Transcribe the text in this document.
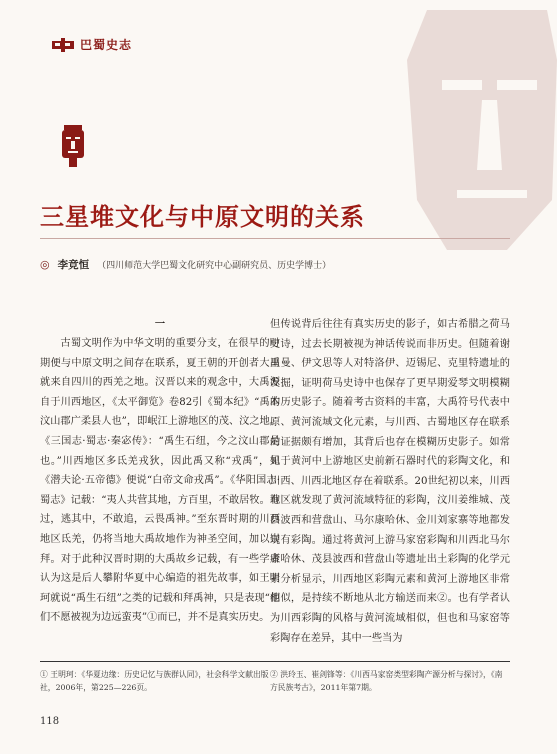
巴蜀史志
三星堆文化与中原文明的关系
◎ 李竞恒 （四川师范大学巴蜀文化研究中心副研究员、历史学博士）
一

古蜀文明作为中华文明的重要分支，在很早的时期便与中原文明之间存在联系，夏王朝的开创者大禹就来自四川的西羌之地。汉晋以来的观念中，大禹源自于川西地区，《太平御览》卷82引《蜀本纪》“禹本汶山郡广柔县人也”，即岷江上游地区的茂、汶之地。《三国志·蜀志·秦宓传》：“禹生石纽，今之汶山郡是也。”川西地区多氐羌戎狄，因此禹又称“戎禹”，如《潜夫论·五帝德》便说“白帝文命戎禹”。《华阳国志·蜀志》记载：“夷人共营其地，方百里，不敢居牧。有过，逃其中，不敢追，云畏禹神。”至东晋时期的川西地区氐羌，仍将当地大禹故地作为神圣空间，加以崇拜。对于此种汉晋时期的大禹故乡记载，有一些学者认为这是后人攀附华夏中心编造的祖先故事，如王明珂就说“禹生石纽”之类的记载和拜禹神，只是表现“他们不愿被视为边远蛮夷”①而已，并不是真实历史。

但传说背后往往有真实历史的影子，如古希腊之荷马史诗，过去长期被视为神话传说而非历史。但随着谢里曼、伊文思等人对特洛伊、迈锡尼、克里特遗址的发掘，证明荷马史诗中也保存了更早期爱琴文明模糊的历史影子。随着考古资料的丰富，大禹符号代表中原、黄河流域文化元素，与川西、古蜀地区存在联系的证据颇有增加，其背后也存在模糊历史影子。如常见于黄河中上游地区史前新石器时代的彩陶文化，和川西、川西北地区存在着联系。20世纪初以来，川西地区就发现了黄河流域特征的彩陶，汶川姜维城、茂县波西和营盘山、马尔康哈休、金川刘家寨等地都发现有彩陶。通过将黄河上游马家窑彩陶和川西北马尔康哈休、茂县波西和营盘山等遗址出土彩陶的化学元素分析显示，川西地区彩陶元素和黄河上游地区非常相似，是持续不断地从北方输送而来②。也有学者认为川西彩陶的风格与黄河流域相似，但也和马家窑等彩陶存在差异，其中一些当为

① 王明珂：《华夏边缘：历史记忆与族群认同》，社会科学文献出版社，2006年，第225—226页。
② 洪玲玉、崔剑锋等：《川西马家窑类型彩陶产源分析与探讨》，《南方民族考古》，2011年第7期。
118
